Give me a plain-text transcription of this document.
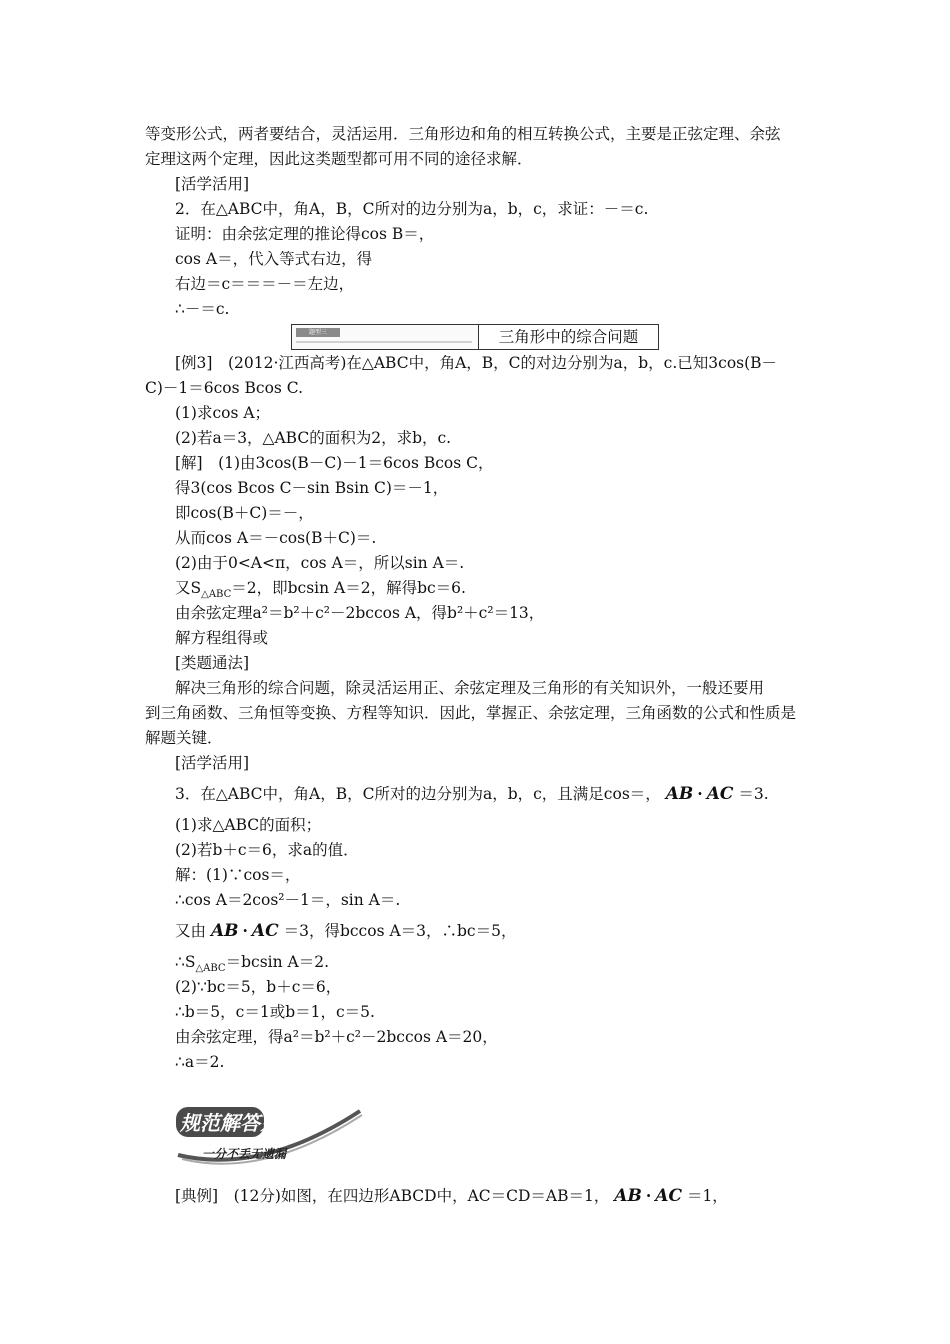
等变形公式，两者要结合，灵活运用．三角形边和角的相互转换公式，主要是正弦定理、余弦
定理这两个定理，因此这类题型都可用不同的途径求解．
[活学活用]
2．在△ABC中，角A，B，C所对的边分别为a，b，c，求证：－＝c.
证明：由余弦定理的推论得cos B＝，
cos A＝，代入等式右边，得
右边＝c＝＝＝－＝左边，
∴－＝c.
题型三	三角形中的综合问题
[例3]　(2012·江西高考)在△ABC中，角A，B，C的对边分别为a，b，c.已知3cos(B－
C)－1＝6cos Bcos C.
(1)求cos A；
(2)若a＝3，△ABC的面积为2，求b，c.
[解]　(1)由3cos(B－C)－1＝6cos Bcos C，
得3(cos Bcos C－sin Bsin C)＝－1，
即cos(B＋C)＝－，
从而cos A＝－cos(B＋C)＝.
(2)由于0<A<π，cos A＝，所以sin A＝.
又$S_{\triangle ABC}=2$，即bcsin A＝2，解得bc＝6.
由余弦定理a²＝b²＋c²－2bccos A，得b²＋c²＝13，
解方程组得或
[类题通法]
解决三角形的综合问题，除灵活运用正、余弦定理及三角形的有关知识外，一般还要用
到三角函数、三角恒等变换、方程等知识．因此，掌握正、余弦定理，三角函数的公式和性质是
解题关键．
[活学活用]
3．在△ABC中，角A，B，C所对的边分别为a，b，c，且满足cos＝， AB · AC ＝3.
(1)求△ABC的面积；
(2)若b＋c＝6，求a的值．
解：(1)∵cos＝，
∴cos A＝2cos²－1＝，sin A＝.
又由 AB · AC ＝3，得bccos A＝3，∴bc＝5，
$\therefore S_{\triangle ABC}=bcsin$ A＝2.
(2)∵bc＝5，b＋c＝6，
∴b＝5，c＝1或b＝1，c＝5.
由余弦定理，得a²＝b²＋c²－2bccos A＝20，
∴a＝2.
规范解答系列
一分不丢无遗漏
[典例]　(12分)如图，在四边形ABCD中，AC＝CD＝AB＝1， AB · AC ＝1，
